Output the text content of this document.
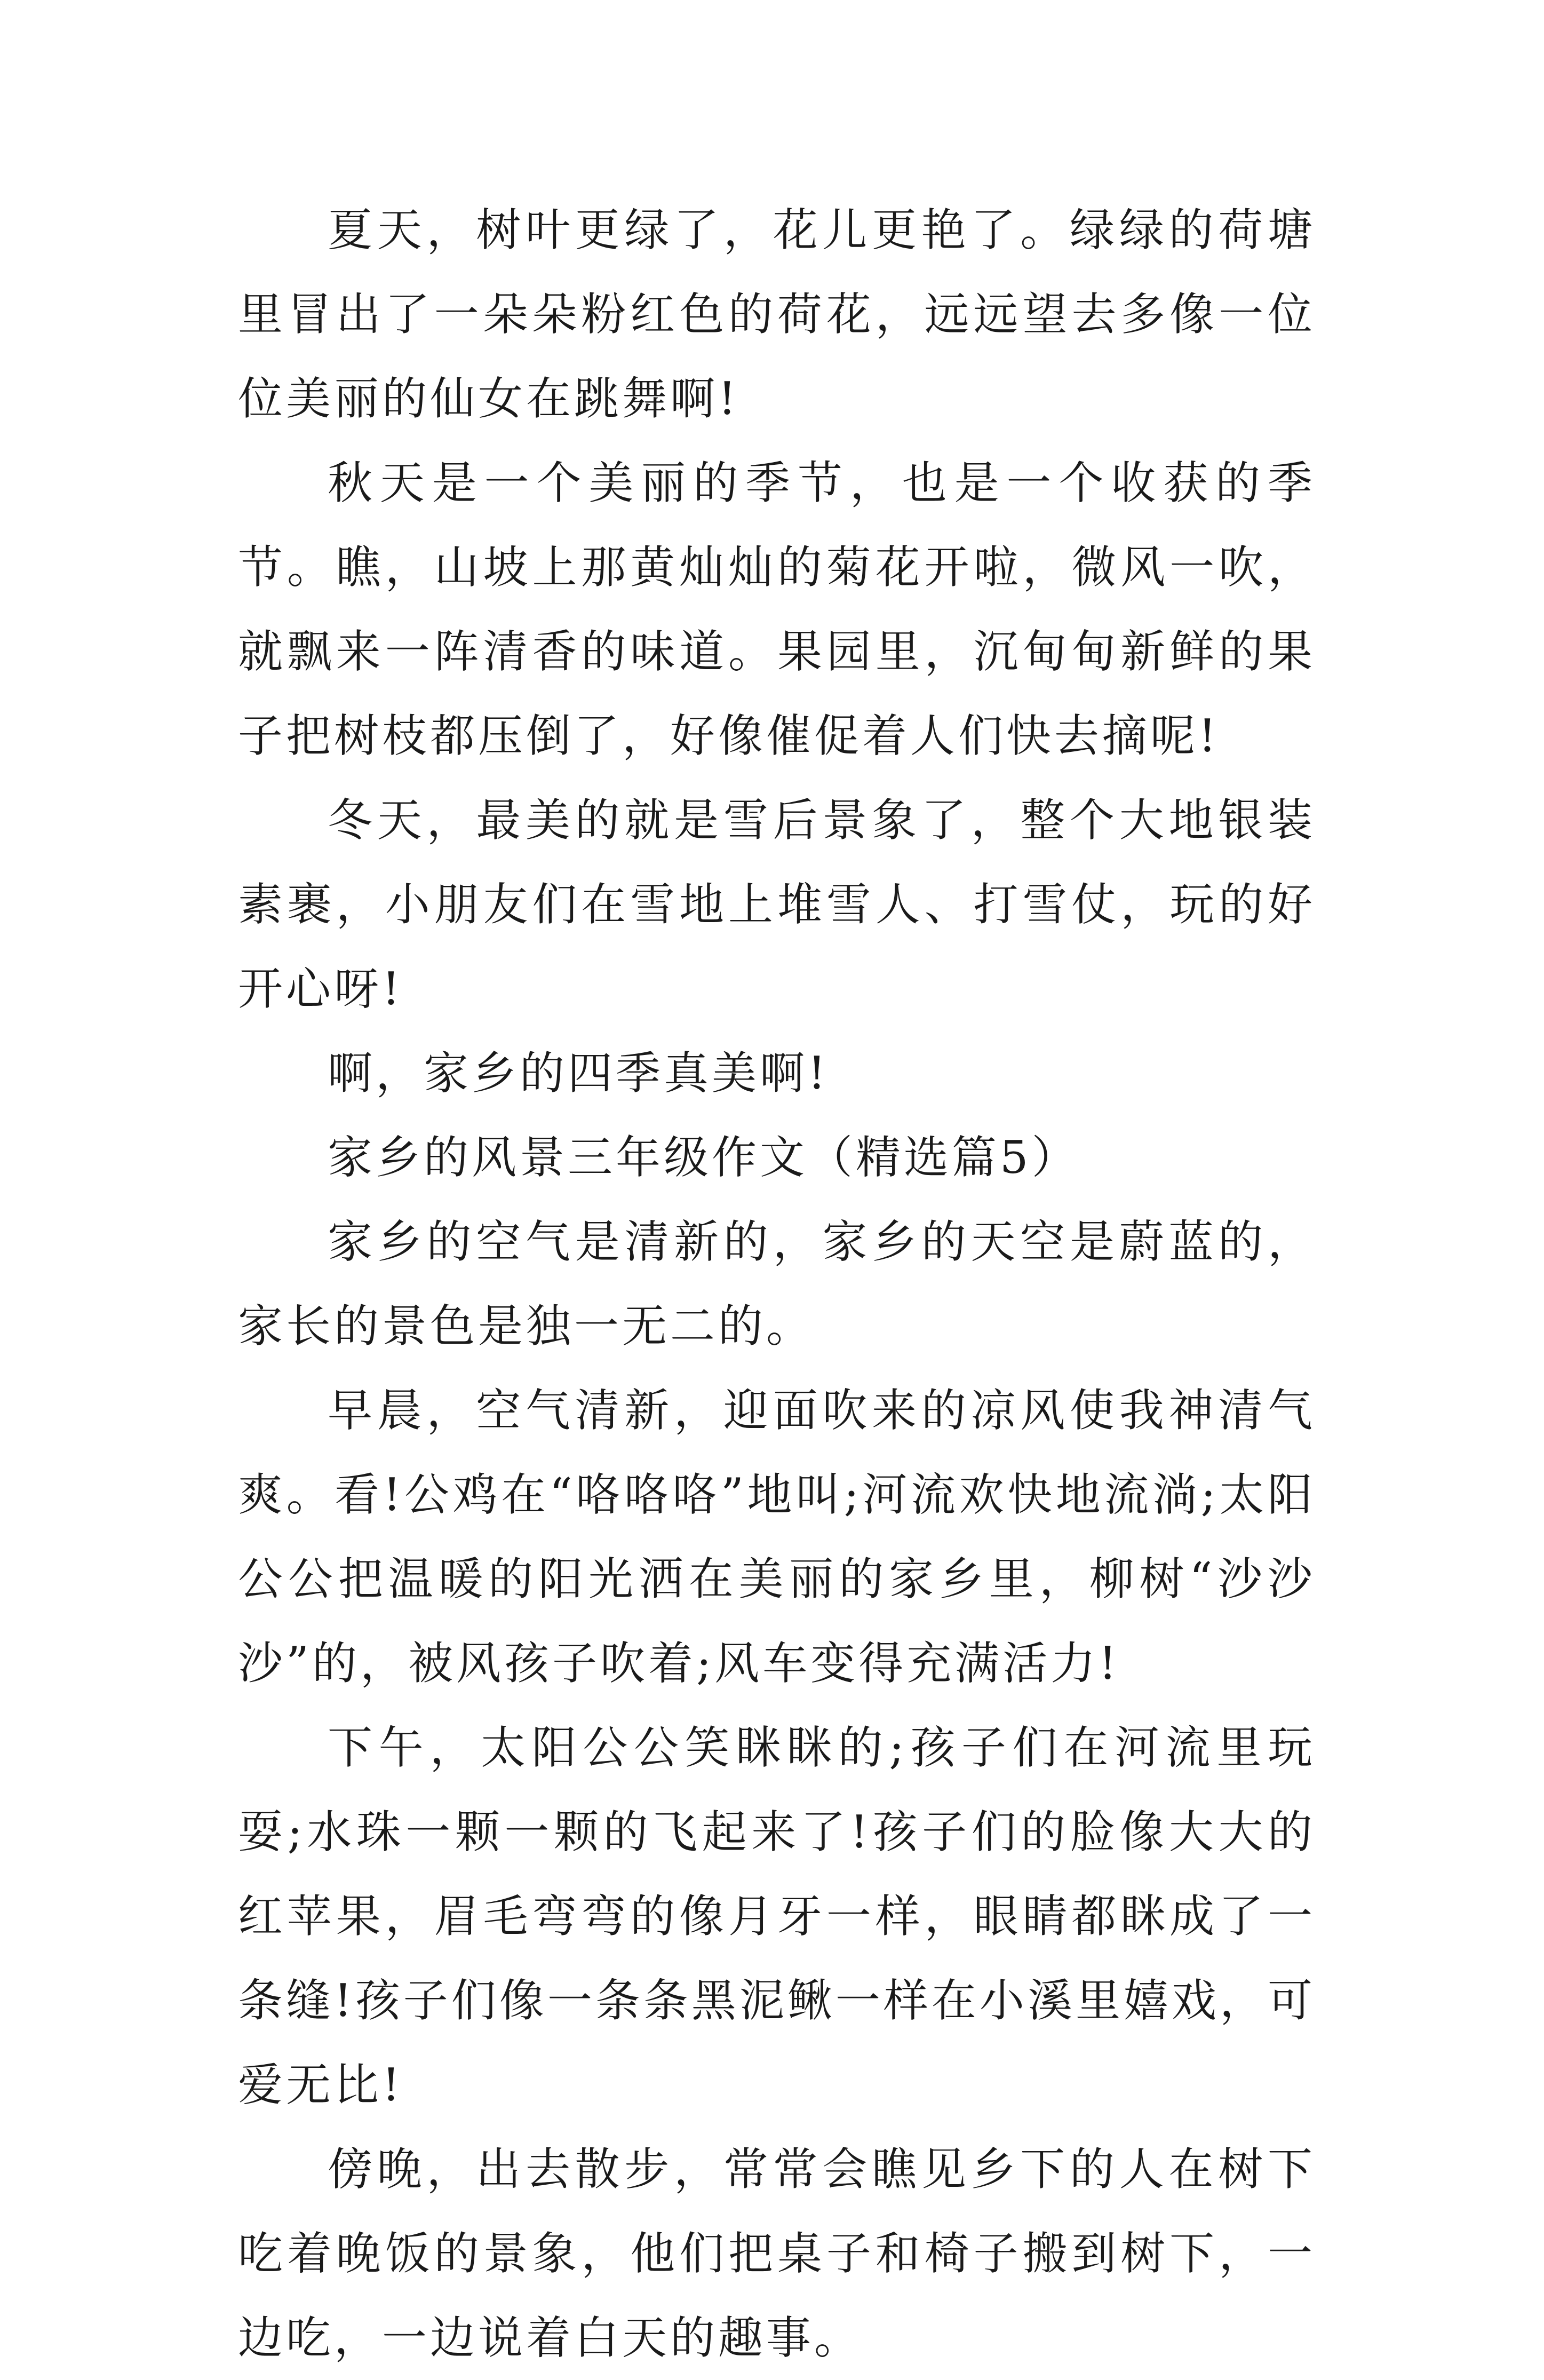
夏天，树叶更绿了，花儿更艳了。绿绿的荷塘里冒出了一朵朵粉红色的荷花，远远望去多像一位位美丽的仙女在跳舞啊!

秋天是一个美丽的季节，也是一个收获的季节。瞧，山坡上那黄灿灿的菊花开啦，微风一吹，就飘来一阵清香的味道。果园里，沉甸甸新鲜的果子把树枝都压倒了，好像催促着人们快去摘呢!

冬天，最美的就是雪后景象了，整个大地银装素裹，小朋友们在雪地上堆雪人、打雪仗，玩的好开心呀!

啊，家乡的四季真美啊!

家乡的风景三年级作文（精选篇5）

家乡的空气是清新的，家乡的天空是蔚蓝的，家长的景色是独一无二的。

早晨，空气清新，迎面吹来的凉风使我神清气爽。看!公鸡在“咯咯咯”地叫;河流欢快地流淌;太阳公公把温暖的阳光洒在美丽的家乡里，柳树“沙沙沙”的，被风孩子吹着;风车变得充满活力!

下午，太阳公公笑眯眯的;孩子们在河流里玩耍;水珠一颗一颗的飞起来了!孩子们的脸像大大的红苹果，眉毛弯弯的像月牙一样，眼睛都眯成了一条缝!孩子们像一条条黑泥鳅一样在小溪里嬉戏，可爱无比!

傍晚，出去散步，常常会瞧见乡下的人在树下吃着晚饭的景象，他们把桌子和椅子搬到树下，一边吃，一边说着白天的趣事。
